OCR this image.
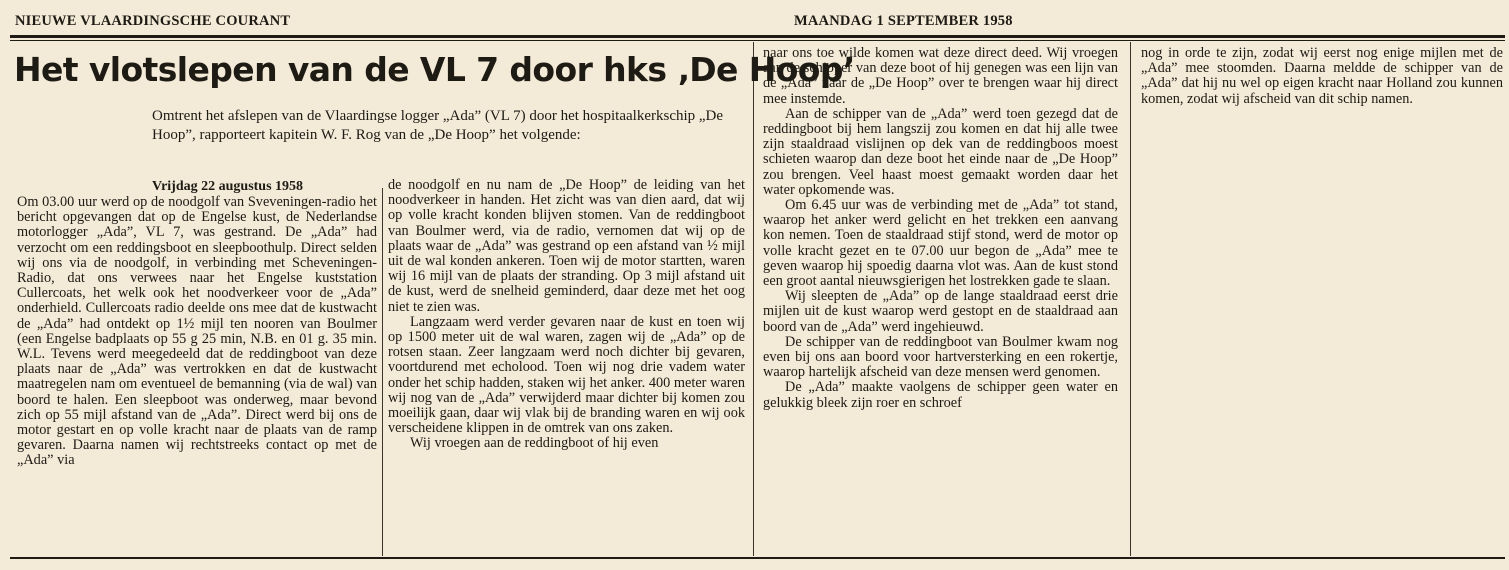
NIEUWE VLAARDINGSCHE COURANT	MAANDAG 1 SEPTEMBER 1958
Het vlotslepen van de VL 7 door hks ‚De Hoop’
Omtrent het afslepen van de Vlaardingse logger „Ada” (VL 7) door het hospitaalkerkschip „De Hoop”, rapporteert kapitein W. F. Rog van de „De Hoop” het volgende:
Vrijdag 22 augustus 1958

Om 03.00 uur werd op de noodgolf van Sveveningen-radio het bericht opgevangen dat op de Engelse kust, de Nederlandse motorlogger „Ada”, VL 7, was gestrand. De „Ada” had verzocht om een reddingsboot en sleepboothulp. Direct selden wij ons via de noodgolf, in verbinding met Scheveningen-Radio, dat ons verwees naar het Engelse kuststation Cullercoats, het welk ook het noodverkeer voor de „Ada” onderhield. Cullercoats radio deelde ons mee dat de kustwacht de „Ada” had ontdekt op 1½ mijl ten nooren van Boulmer (een Engelse badplaats op 55 g 25 min, N.B. en 01 g. 35 min. W.L. Tevens werd meegedeeld dat de reddingboot van deze plaats naar de „Ada” was vertrokken en dat de kustwacht maatregelen nam om eventueel de bemanning (via de wal) van boord te halen. Een sleepboot was onderweg, maar bevond zich op 55 mijl afstand van de „Ada”. Direct werd bij ons de motor gestart en op volle kracht naar de plaats van de ramp gevaren. Daarna namen wij rechtstreeks contact op met de „Ada” via

de noodgolf en nu nam de „De Hoop” de leiding van het noodverkeer in handen. Het zicht was van dien aard, dat wij op volle kracht konden blijven stomen. Van de reddingboot van Boulmer werd, via de radio, vernomen dat wij op de plaats waar de „Ada” was gestrand op een afstand van ½ mijl uit de wal konden ankeren. Toen wij de motor startten, waren wij 16 mijl van de plaats der stranding. Op 3 mijl afstand uit de kust, werd de snelheid geminderd, daar deze met het oog niet te zien was.

Langzaam werd verder gevaren naar de kust en toen wij op 1500 meter uit de wal waren, zagen wij de „Ada” op de rotsen staan. Zeer langzaam werd noch dichter bij gevaren, voortdurend met echolood. Toen wij nog drie vadem water onder het schip hadden, staken wij het anker. 400 meter waren wij nog van de „Ada” verwijderd maar dichter bij komen zou moeilijk gaan, daar wij vlak bij de branding waren en wij ook verscheidene klippen in de omtrek van ons zaken.

Wij vroegen aan de reddingboot of hij even

naar ons toe wilde komen wat deze direct deed. Wij vroegen aan de schipper van deze boot of hij genegen was een lijn van de „Ada” naar de „De Hoop” over te brengen waar hij direct mee instemde.

Aan de schipper van de „Ada” werd toen gezegd dat de reddingboot bij hem langszij zou komen en dat hij alle twee zijn staaldraad vislijnen op dek van de reddingboos moest schieten waarop dan deze boot het einde naar de „De Hoop” zou brengen. Veel haast moest gemaakt worden daar het water opkomende was.

Om 6.45 uur was de verbinding met de „Ada” tot stand, waarop het anker werd gelicht en het trekken een aanvang kon nemen. Toen de staaldraad stijf stond, werd de motor op volle kracht gezet en te 07.00 uur begon de „Ada” mee te geven waarop hij spoedig daarna vlot was. Aan de kust stond een groot aantal nieuwsgierigen het lostrekken gade te slaan.

Wij sleepten de „Ada” op de lange staaldraad eerst drie mijlen uit de kust waarop werd gestopt en de staaldraad aan boord van de „Ada” werd ingehieuwd.

De schipper van de reddingboot van Boulmer kwam nog even bij ons aan boord voor hartversterking en een rokertje, waarop hartelijk afscheid van deze mensen werd genomen.

De „Ada” maakte vaolgens de schipper geen water en gelukkig bleek zijn roer en schroef

nog in orde te zijn, zodat wij eerst nog enige mijlen met de „Ada” mee stoomden. Daarna meldde de schipper van de „Ada” dat hij nu wel op eigen kracht naar Holland zou kunnen komen, zodat wij afscheid van dit schip namen.
